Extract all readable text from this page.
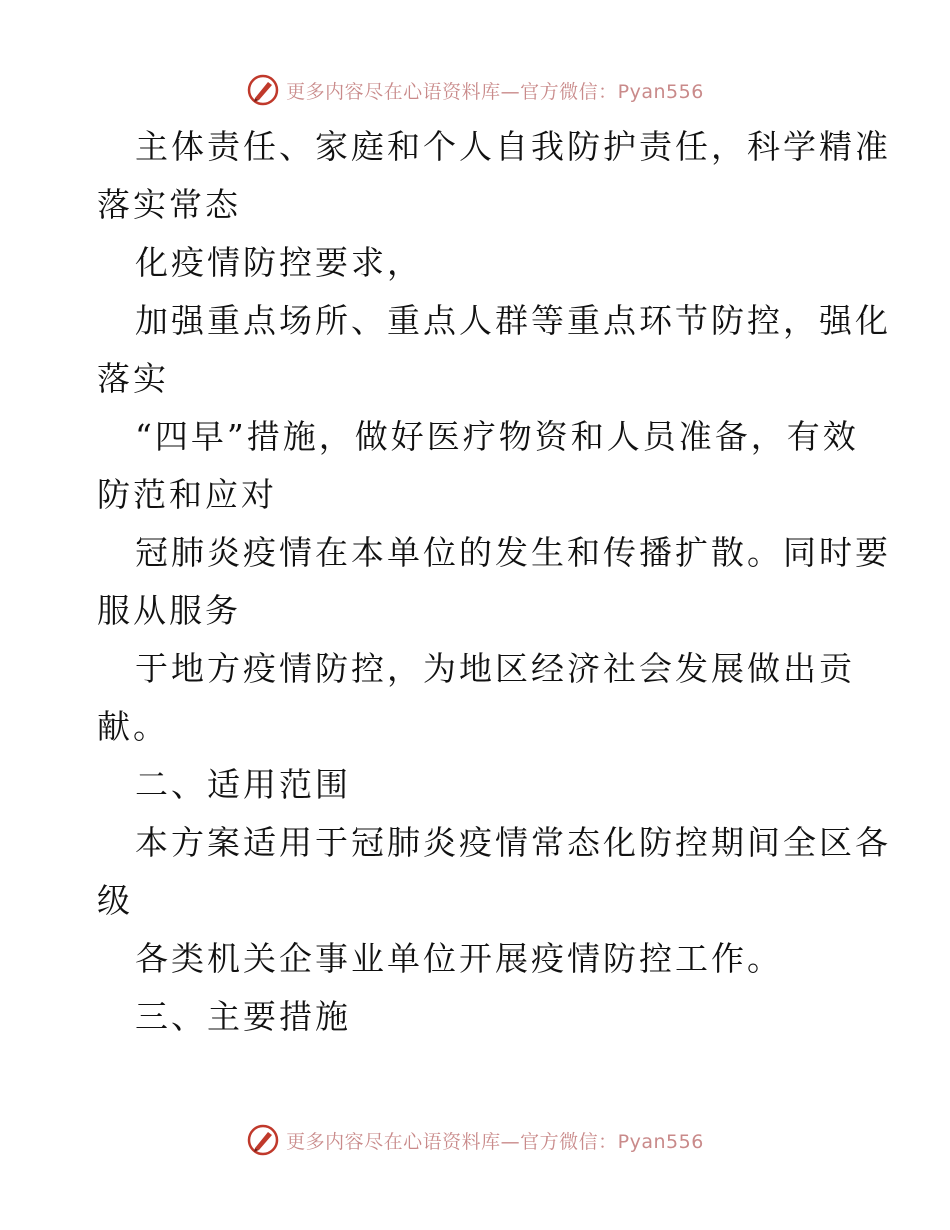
更多内容尽在心语资料库—官方微信：Pyan556
主体责任、家庭和个人自我防护责任，科学精准
落实常态
化疫情防控要求，
加强重点场所、重点人群等重点环节防控，强化
落实
“四早”措施，做好医疗物资和人员准备，有效
防范和应对
冠肺炎疫情在本单位的发生和传播扩散。同时要
服从服务
于地方疫情防控，为地区经济社会发展做出贡
献。
二、适用范围
本方案适用于冠肺炎疫情常态化防控期间全区各
级
各类机关企事业单位开展疫情防控工作。
三、主要措施
更多内容尽在心语资料库—官方微信：Pyan556
